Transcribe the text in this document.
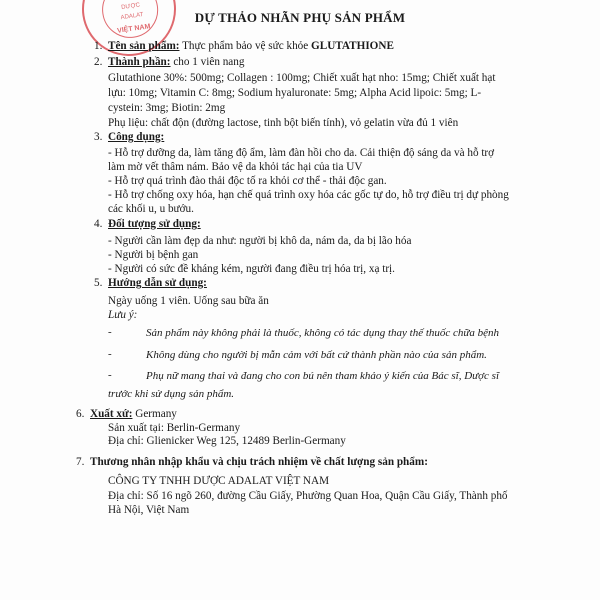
DƯỢC
ADALAT
VIỆT NAM
DỰ THẢO NHÃN PHỤ SẢN PHẨM
1. Tên sản phẩm: Thực phẩm bảo vệ sức khỏe GLUTATHIONE
2. Thành phần: cho 1 viên nang
Glutathione 30%: 500mg; Collagen : 100mg; Chiết xuất hạt nho: 15mg; Chiết xuất hạt
lựu: 10mg; Vitamin C: 8mg; Sodium hyaluronate: 5mg; Alpha Acid lipoic: 5mg; L-
cystein: 3mg; Biotin: 2mg
Phụ liệu: chất độn (đường lactose, tinh bột biến tính), vỏ gelatin vừa đủ 1 viên
3. Công dụng:
- Hỗ trợ dưỡng da, làm tăng độ ẩm, làm đàn hồi cho da. Cải thiện độ sáng da và hỗ trợ
làm mờ vết thâm nám. Bảo vệ da khỏi tác hại của tia UV
- Hỗ trợ quá trình đào thải độc tố ra khỏi cơ thể - thải độc gan.
- Hỗ trợ chống oxy hóa, hạn chế quá trình oxy hóa các gốc tự do, hỗ trợ điều trị dự phòng
các khối u, u bướu.
4. Đối tượng sử dụng:
- Người cần làm đẹp da như: người bị khô da, nám da, da bị lão hóa
- Người bị bệnh gan
- Người có sức đề kháng kém, người đang điều trị hóa trị, xạ trị.
5. Hướng dẫn sử dụng:
Ngày uống 1 viên. Uống sau bữa ăn
Lưu ý:
-	Sản phẩm này không phải là thuốc, không có tác dụng thay thế thuốc chữa bệnh
-	Không dùng cho người bị mẫn cảm với bất cứ thành phần nào của sản phẩm.
-	Phụ nữ mang thai và đang cho con bú nên tham khảo ý kiến của Bác sĩ, Dược sĩ
trước khi sử dụng sản phẩm.
6. Xuất xứ: Germany
Sản xuất tại: Berlin-Germany
Địa chỉ: Glienicker Weg 125, 12489 Berlin-Germany
7. Thương nhân nhập khẩu và chịu trách nhiệm về chất lượng sản phẩm:
CÔNG TY TNHH DƯỢC ADALAT VIỆT NAM
Địa chỉ: Số 16 ngõ 260, đường Cầu Giấy, Phường Quan Hoa, Quận Cầu Giấy, Thành phố
Hà Nội, Việt Nam
